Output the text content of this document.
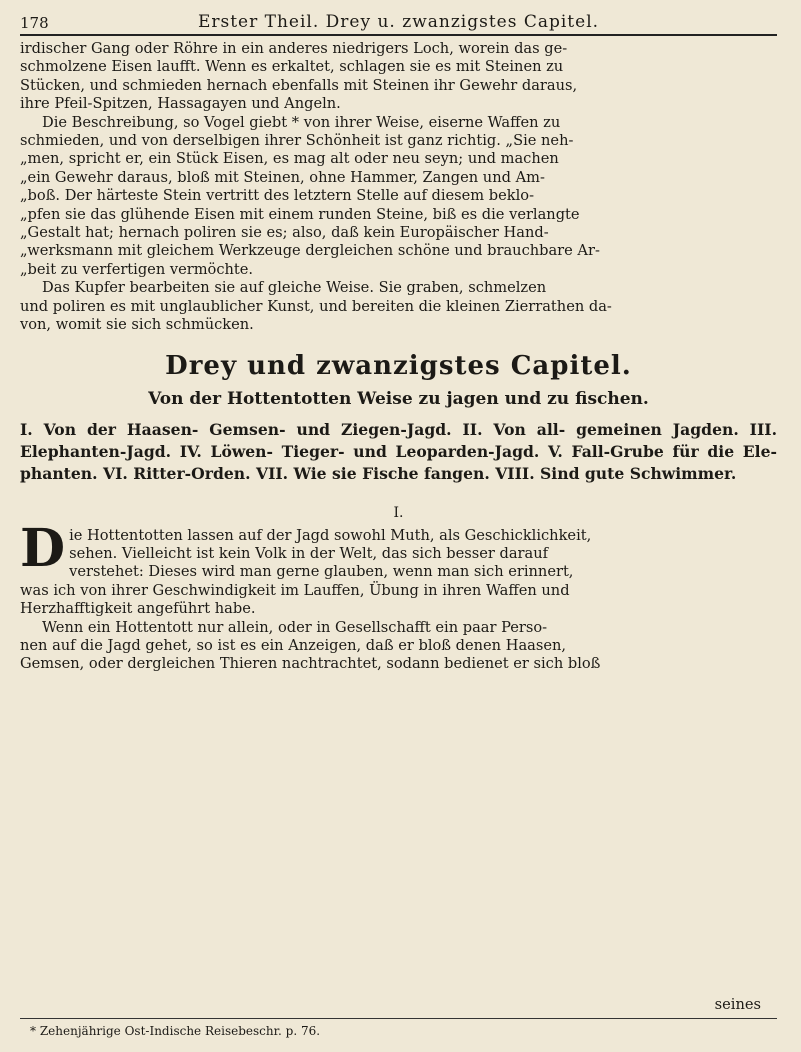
178	Erster Theil. Drey u. zwanzigstes Capitel.

irdischer Gang oder Röhre in ein anderes niedrigers Loch, worein das ge-

schmolzene Eisen laufft. Wenn es erkaltet, schlagen sie es mit Steinen zu

Stücken, und schmieden hernach ebenfalls mit Steinen ihr Gewehr daraus,

ihre Pfeil-Spitzen, Hassagayen und Angeln.

Die Beschreibung, so Vogel giebt * von ihrer Weise, eiserne Waffen zu

schmieden, und von derselbigen ihrer Schönheit ist ganz richtig. „Sie neh-

„men, spricht er, ein Stück Eisen, es mag alt oder neu seyn; und machen

„ein Gewehr daraus, bloß mit Steinen, ohne Hammer, Zangen und Am-

„boß. Der härteste Stein vertritt des letztern Stelle auf diesem beklo-

„pfen sie das glühende Eisen mit einem runden Steine, biß es die verlangte

„Gestalt hat; hernach poliren sie es; also, daß kein Europäischer Hand-

„werksmann mit gleichem Werkzeuge dergleichen schöne und brauchbare Ar-

„beit zu verfertigen vermöchte.

Das Kupfer bearbeiten sie auf gleiche Weise. Sie graben, schmelzen

und poliren es mit unglaublicher Kunst, und bereiten die kleinen Zierrathen da-

von, womit sie sich schmücken.

Drey und zwanzigstes Capitel.
Von der Hottentotten Weise zu jagen und zu fischen.
I. Von der Haasen- Gemsen- und Ziegen-Jagd. II. Von all- gemeinen Jagden. III. Elephanten-Jagd. IV. Löwen- Tieger- und Leoparden-Jagd. V. Fall-Grube für die Ele- phanten. VI. Ritter-Orden. VII. Wie sie Fische fangen. VIII. Sind gute Schwimmer.
I.
D ie Hottentotten lassen auf der Jagd sowohl Muth, als Geschicklichkeit,

sehen. Vielleicht ist kein Volk in der Welt, das sich besser darauf

verstehet: Dieses wird man gerne glauben, wenn man sich erinnert,

was ich von ihrer Geschwindigkeit im Lauffen, Übung in ihren Waffen und

Herzhafftigkeit angeführt habe.

Wenn ein Hottentott nur allein, oder in Gesellschafft ein paar Perso-

nen auf die Jagd gehet, so ist es ein Anzeigen, daß er bloß denen Haasen,

Gemsen, oder dergleichen Thieren nachtrachtet, sodann bedienet er sich bloß

seines
* Zehenjährige Ost-Indische Reisebeschr. p. 76.
